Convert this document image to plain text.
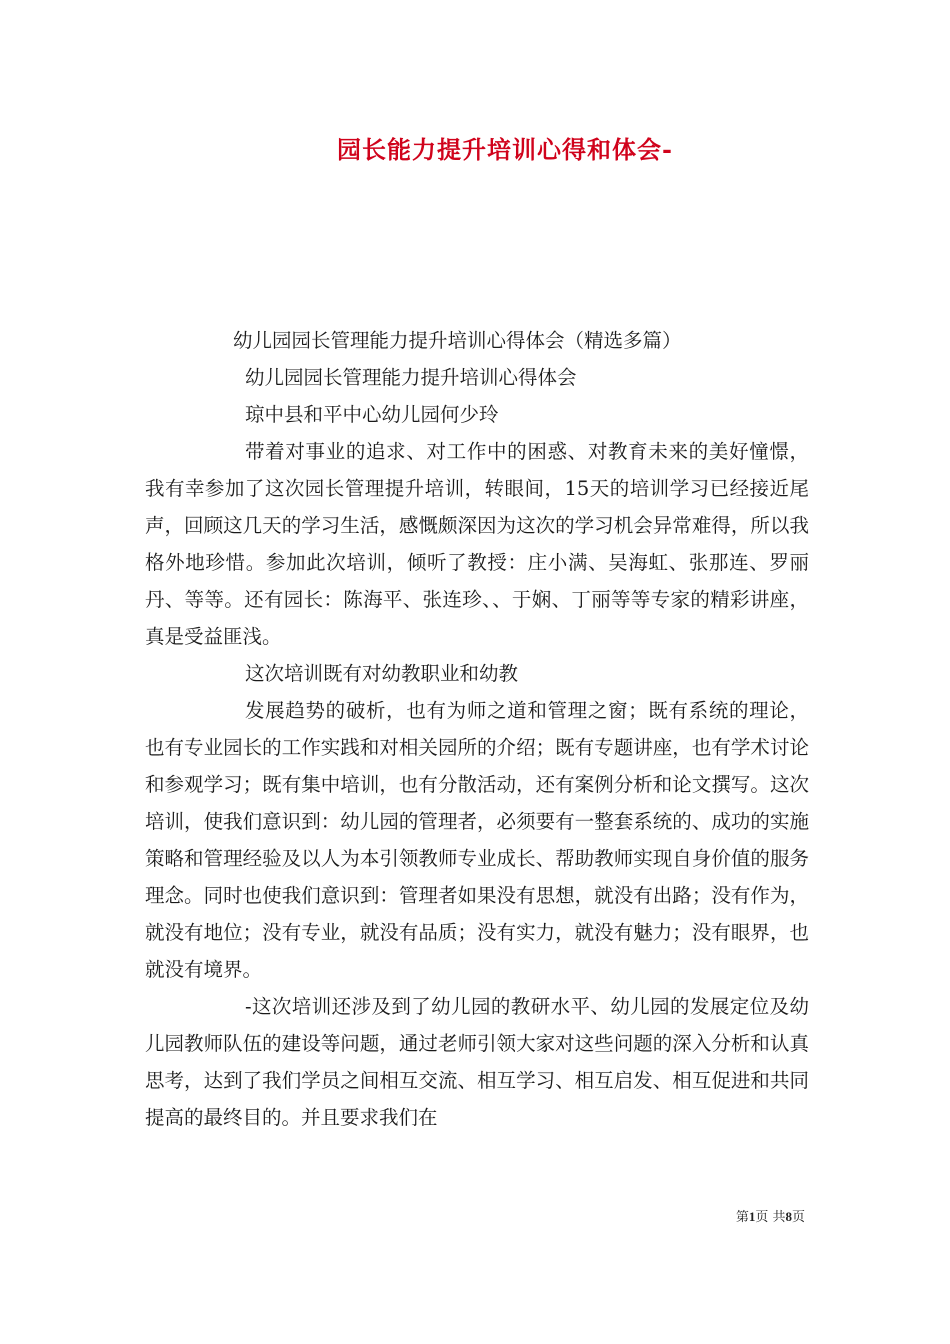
园长能力提升培训心得和体会-

幼儿园园长管理能力提升培训心得体会（精选多篇）

幼儿园园长管理能力提升培训心得体会

琼中县和平中心幼儿园何少玲

带着对事业的追求、对工作中的困惑、对教育未来的美好憧憬，我有幸参加了这次园长管理提升培训，转眼间，15天的培训学习已经接近尾声，回顾这几天的学习生活，感慨颇深因为这次的学习机会异常难得，所以我格外地珍惜。参加此次培训，倾听了教授：庄小满、吴海虹、张那连、罗丽丹、等等。还有园长：陈海平、张连珍、、于娴、丁丽等等专家的精彩讲座，真是受益匪浅。

这次培训既有对幼教职业和幼教

发展趋势的破析，也有为师之道和管理之窗；既有系统的理论，也有专业园长的工作实践和对相关园所的介绍；既有专题讲座，也有学术讨论和参观学习；既有集中培训，也有分散活动，还有案例分析和论文撰写。这次培训，使我们意识到：幼儿园的管理者，必须要有一整套系统的、成功的实施策略和管理经验及以人为本引领教师专业成长、帮助教师实现自身价值的服务理念。同时也使我们意识到：管理者如果没有思想，就没有出路；没有作为，就没有地位；没有专业，就没有品质；没有实力，就没有魅力；没有眼界，也就没有境界。

-这次培训还涉及到了幼儿园的教研水平、幼儿园的发展定位及幼儿园教师队伍的建设等问题，通过老师引领大家对这些问题的深入分析和认真思考，达到了我们学员之间相互交流、相互学习、相互启发、相互促进和共同提高的最终目的。并且要求我们在

第1页 共8页
